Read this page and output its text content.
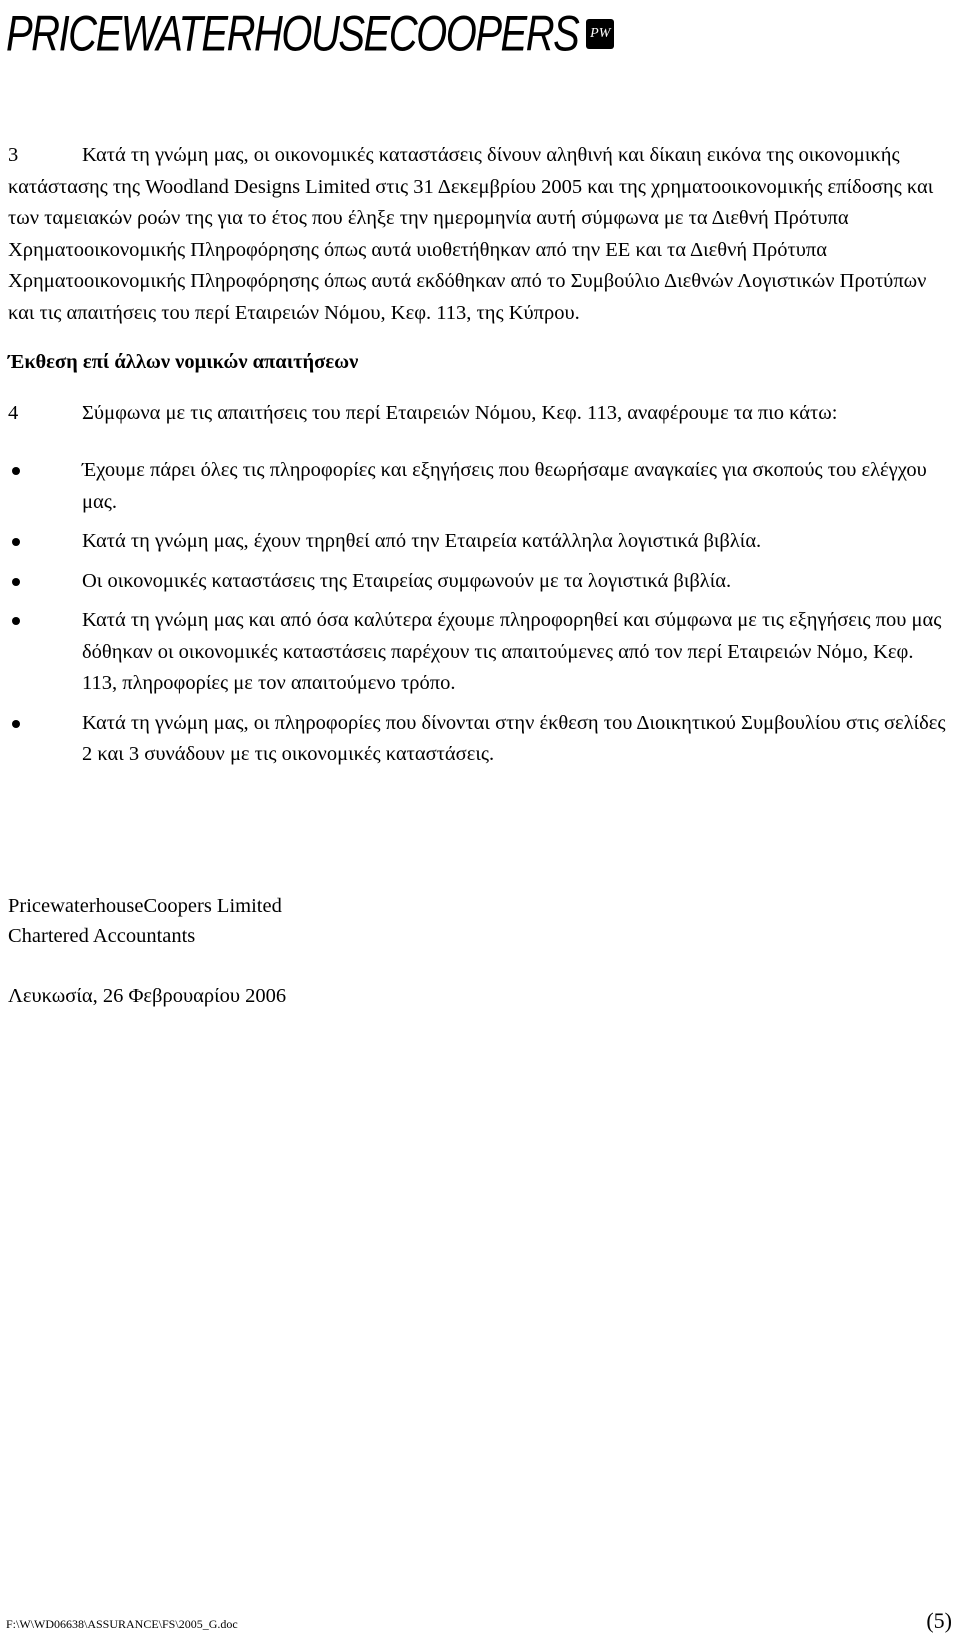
PRICEWATERHOUSECOOPERS PW

3	Κατά τη γνώμη μας, οι οικονομικές καταστάσεις δίνουν αληθινή και δίκαιη εικόνα της οικονομικής κατάστασης της Woodland Designs Limited στις 31 Δεκεμβρίου 2005 και της χρηματοοικονομικής επίδοσης και των ταμειακών ροών της για το έτος που έληξε την ημερομηνία αυτή σύμφωνα με τα Διεθνή Πρότυπα Χρηματοοικονομικής Πληροφόρησης όπως αυτά υιοθετήθηκαν από την ΕΕ και τα Διεθνή Πρότυπα Χρηματοοικονομικής Πληροφόρησης όπως αυτά εκδόθηκαν από το Συμβούλιο Διεθνών Λογιστικών Προτύπων και τις απαιτήσεις του περί Εταιρειών Νόμου, Κεφ. 113, της Κύπρου.

Έκθεση επί άλλων νομικών απαιτήσεων

4	Σύμφωνα με τις απαιτήσεις του περί Εταιρειών Νόμου, Κεφ. 113, αναφέρουμε τα πιο κάτω:

Έχουμε πάρει όλες τις πληροφορίες και εξηγήσεις που θεωρήσαμε αναγκαίες για σκοπούς του ελέγχου μας.
Κατά τη γνώμη μας, έχουν τηρηθεί από την Εταιρεία κατάλληλα λογιστικά βιβλία.
Οι οικονομικές καταστάσεις της Εταιρείας συμφωνούν με τα λογιστικά βιβλία.
Κατά τη γνώμη μας και από όσα καλύτερα έχουμε πληροφορηθεί και σύμφωνα με τις εξηγήσεις που μας δόθηκαν οι οικονομικές καταστάσεις παρέχουν τις απαιτούμενες από τον περί Εταιρειών Νόμο, Κεφ. 113, πληροφορίες με τον απαιτούμενο τρόπο.
Κατά τη γνώμη μας, οι πληροφορίες που δίνονται στην έκθεση του Διοικητικού Συμβουλίου στις σελίδες 2 και 3 συνάδουν με τις οικονομικές καταστάσεις.
PricewaterhouseCoopers Limited
Chartered Accountants
Λευκωσία, 26 Φεβρουαρίου 2006
F:\W\WD06638\ASSURANCE\FS\2005_G.doc	(5)
